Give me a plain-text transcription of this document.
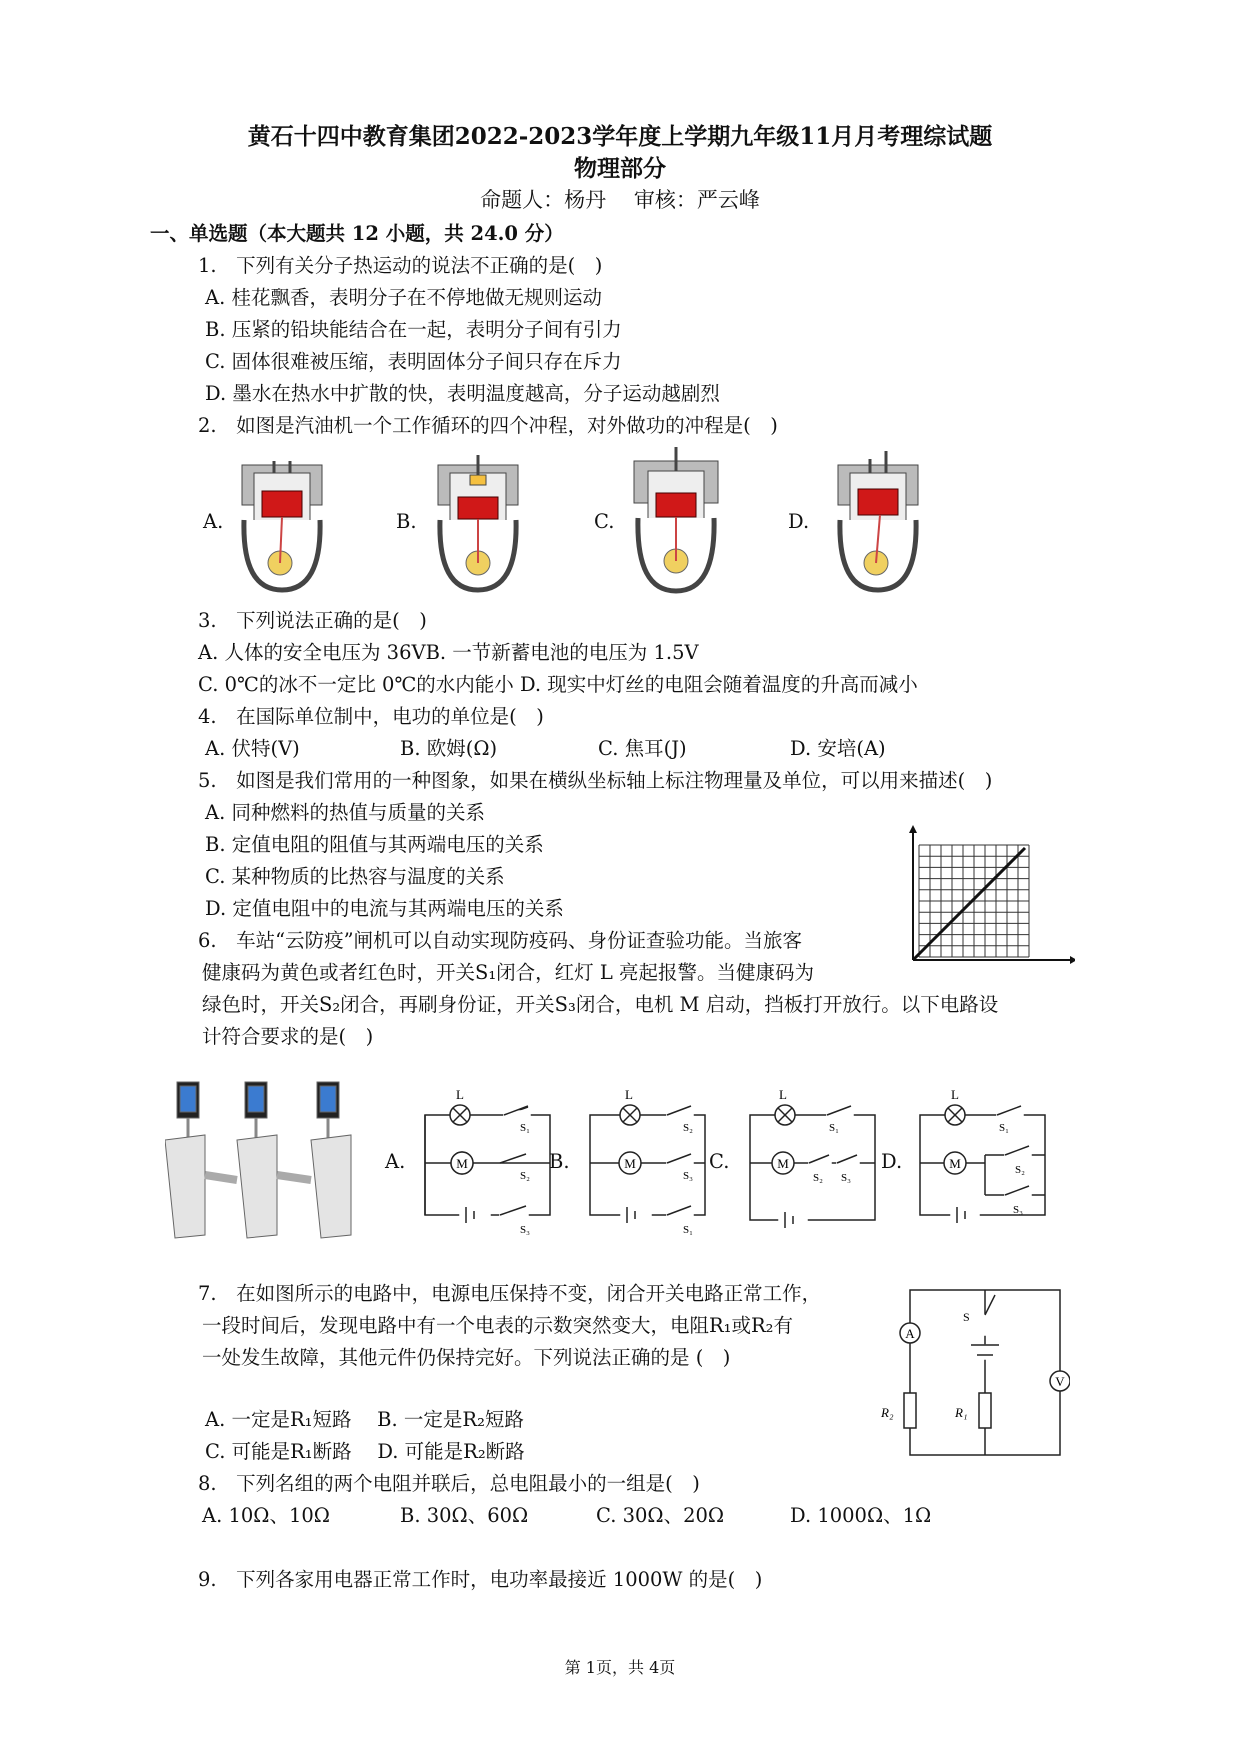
黄石十四中教育集团2022-2023学年度上学期九年级11月月考理综试题
物理部分
命题人：杨丹　 审核：严云峰
一、单选题（本大题共 12 小题，共 24.0 分）
1.　下列有关分子热运动的说法不正确的是(　)
A. 桂花飘香，表明分子在不停地做无规则运动
B. 压紧的铅块能结合在一起，表明分子间有引力
C. 固体很难被压缩，表明固体分子间只存在斥力
D. 墨水在热水中扩散的快，表明温度越高，分子运动越剧烈
2.　如图是汽油机一个工作循环的四个冲程，对外做功的冲程是(　)
A.	B.	C.	D.
3.　下列说法正确的是(　)
A. 人体的安全电压为 36VB. 一节新蓄电池的电压为 1.5V
C. 0℃的冰不一定比 0℃的水内能小 D. 现实中灯丝的电阻会随着温度的升高而减小
4.　在国际单位制中，电功的单位是(　)
A. 伏特(V)	B. 欧姆(Ω)	C. 焦耳(J)	D. 安培(A)
5.　如图是我们常用的一种图象，如果在横纵坐标轴上标注物理量及单位，可以用来描述(　)
A. 同种燃料的热值与质量的关系
B. 定值电阻的阻值与其两端电压的关系
C. 某种物质的比热容与温度的关系
D. 定值电阻中的电流与其两端电压的关系
6.　车站“云防疫”闸机可以自动实现防疫码、身份证查验功能。当旅客
健康码为黄色或者红色时，开关S₁闭合，红灯 L 亮起报警。当健康码为
绿色时，开关S₂闭合，再刷身份证，开关S₃闭合，电机 M 启动，挡板打开放行。以下电路设
计符合要求的是(　)
A.	B.	C.	D.
M
L
S₁
S₂
S₃
M
L
S₂
S₃
S₁
M
L
S₁
S₂ S₃
M
L
S₁
S₂
S₃
7.　在如图所示的电路中，电源电压保持不变，闭合开关电路正常工作，
一段时间后，发现电路中有一个电表的示数突然变大，电阻R₁或R₂有
一处发生故障，其他元件仍保持完好。下列说法正确的是 (　)
A. 一定是R₁短路　 B. 一定是R₂短路
C. 可能是R₁断路　 D. 可能是R₂断路
A
V
S
R₂	R₁
8.　下列名组的两个电阻并联后，总电阻最小的一组是(　)
A. 10Ω、10Ω	B. 30Ω、60Ω	C. 30Ω、20Ω	D. 1000Ω、1Ω
9.　下列各家用电器正常工作时，电功率最接近 1000W 的是(　)
第 1页，共 4页
